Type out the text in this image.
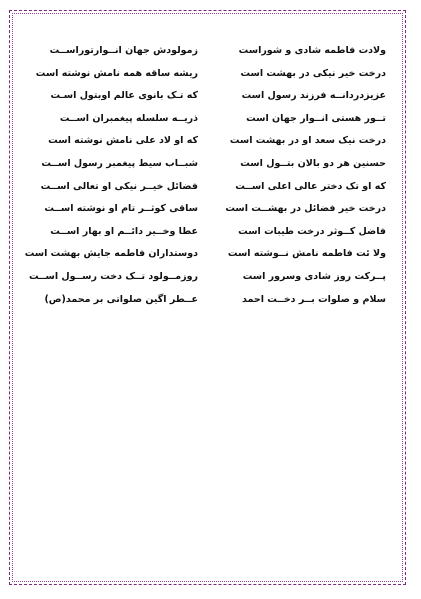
ولادت فاطمه شادی و شوراست
درخت خیر نیکی در بهشت است
عزیزدردانــه فرزند رسول است
تــور هستی انــوار جهان است
درخت نیک سعد او در بهشت است
حسنین هر دو بالان بتــول است
که او تک دختر عالی اعلی اســت
درخت خیر فضائل در بهشــت است
فاضل کــوثر درخت طیبات است
ولا ئت فاطمه نامش نــوشته است
پــرکت روز شادی وسرور است
سلام و صلوات بــر دخــت احمد
زمولودش جهان انــوارتوراســت
ریشه ساقه همه نامش نوشته است
که تـک بانوی عالم اوبتول اسـت
ذریــه سلسله پیغمبران اســت
که او لاد علی نامش نوشته است
شبــاب سیط پیغمبر رسول اســت
فضائل خیــر نیکی او تعالی اســت
ساقی کوثــر تام او نوشته اســت
عطا وخــیر دائــم او بهار اســت
دوستداران فاطمه جایش بهشت است
روزمــولود تــک دخت رســول اســت
عــطر اگین صلواتی بر محمد(ص)
